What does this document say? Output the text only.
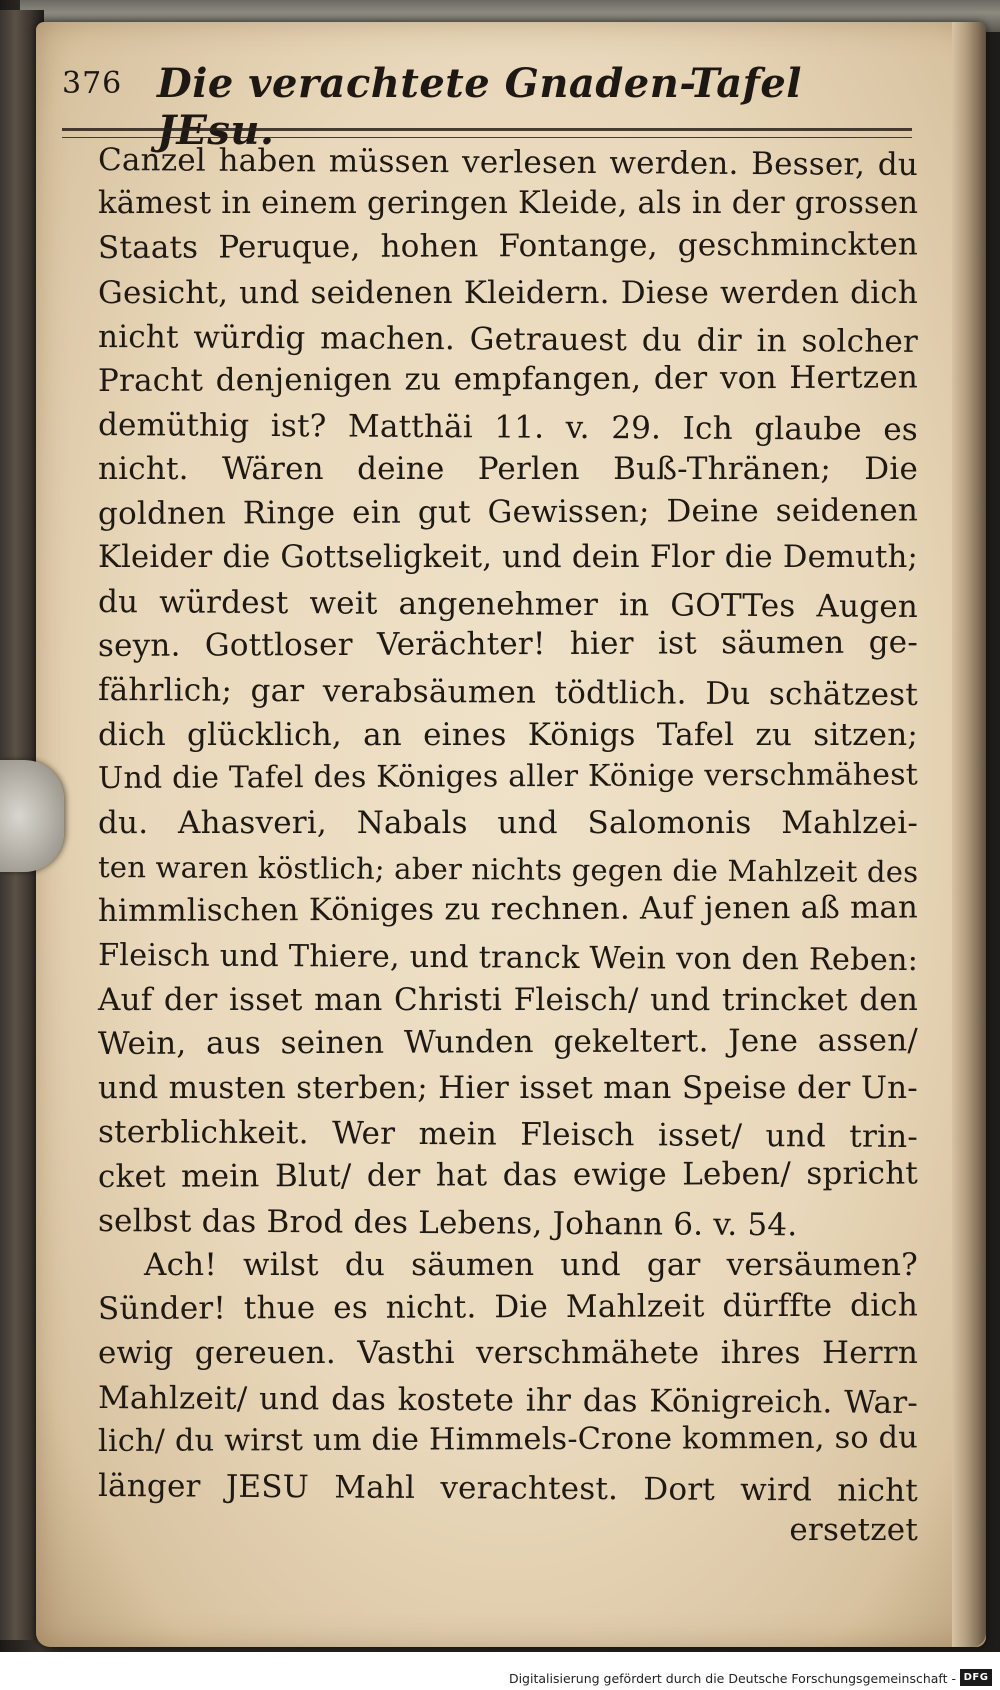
376 Die verachtete Gnaden-Tafel JEsu.
Canzel haben müssen verlesen werden. Besser, du
kämest in einem geringen Kleide, als in der grossen
Staats Peruque, hohen Fontange, geschminckten
Gesicht, und seidenen Kleidern. Diese werden dich
nicht würdig machen. Getrauest du dir in solcher
Pracht denjenigen zu empfangen, der von Hertzen
demüthig ist? Matthäi 11. v. 29. Ich glaube es
nicht. Wären deine Perlen Buß-Thränen; Die
goldnen Ringe ein gut Gewissen; Deine seidenen
Kleider die Gottseligkeit, und dein Flor die Demuth;
du würdest weit angenehmer in GOTTes Augen
seyn. Gottloser Verächter! hier ist säumen ge-
fährlich; gar verabsäumen tödtlich. Du schätzest
dich glücklich, an eines Königs Tafel zu sitzen;
Und die Tafel des Königes aller Könige verschmähest
du. Ahasveri, Nabals und Salomonis Mahlzei-
ten waren köstlich; aber nichts gegen die Mahlzeit des
himmlischen Königes zu rechnen. Auf jenen aß man
Fleisch und Thiere, und tranck Wein von den Reben:
Auf der isset man Christi Fleisch/ und trincket den
Wein, aus seinen Wunden gekeltert. Jene assen/
und musten sterben; Hier isset man Speise der Un-
sterblichkeit. Wer mein Fleisch isset/ und trin-
cket mein Blut/ der hat das ewige Leben/ spricht
selbst das Brod des Lebens, Johann 6. v. 54.
Ach! wilst du säumen und gar versäumen?
Sünder! thue es nicht. Die Mahlzeit dürffte dich
ewig gereuen. Vasthi verschmähete ihres Herrn
Mahlzeit/ und das kostete ihr das Königreich. War-
lich/ du wirst um die Himmels-Crone kommen, so du
länger JESU Mahl verachtest. Dort wird nicht
ersetzet
Digitalisierung gefördert durch die Deutsche Forschungsgemeinschaft - DFG
